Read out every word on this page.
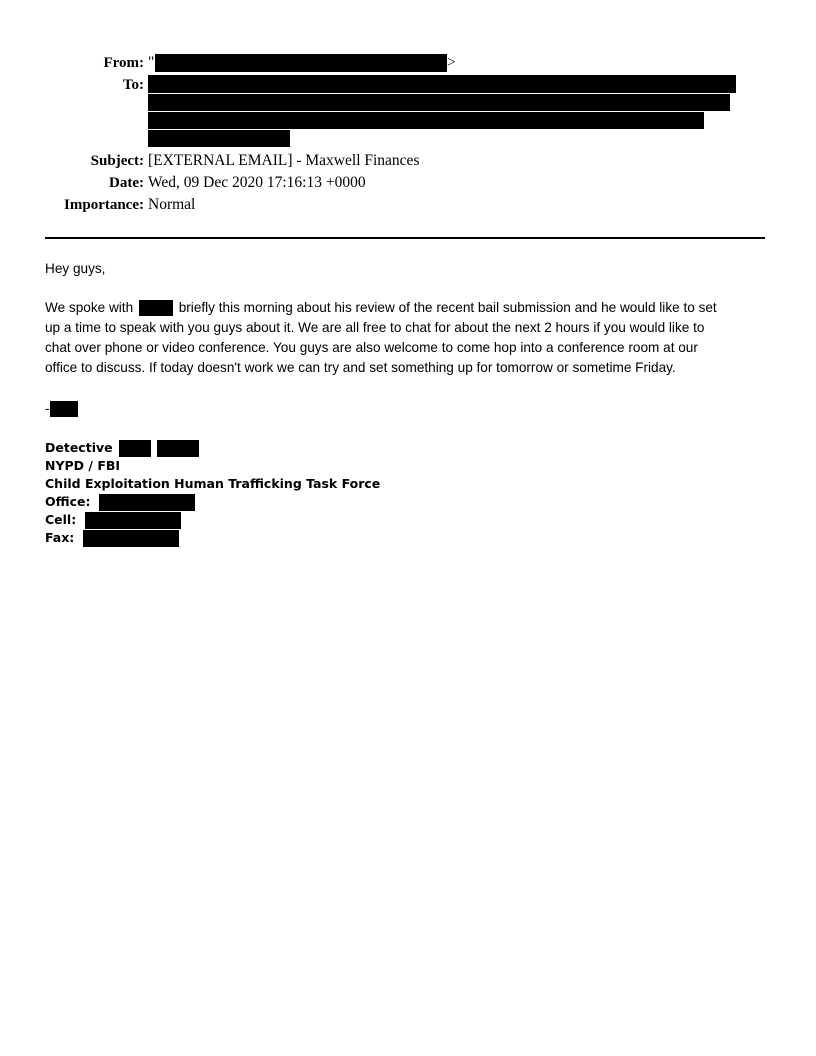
From: "	>
To:
Subject: [EXTERNAL EMAIL] - Maxwell Finances
Date: Wed, 09 Dec 2020 17:16:13 +0000
Importance: Normal
Hey guys,
We spoke with	briefly this morning about his review of the recent bail submission and he would like to set
up a time to speak with you guys about it. We are all free to chat for about the next 2 hours if you would like to
chat over phone or video conference. You guys are also welcome to come hop into a conference room at our
office to discuss. If today doesn't work we can try and set something up for tomorrow or sometime Friday.
-
Detective
NYPD / FBI
Child Exploitation Human Trafficking Task Force
Office:
Cell:
Fax:
